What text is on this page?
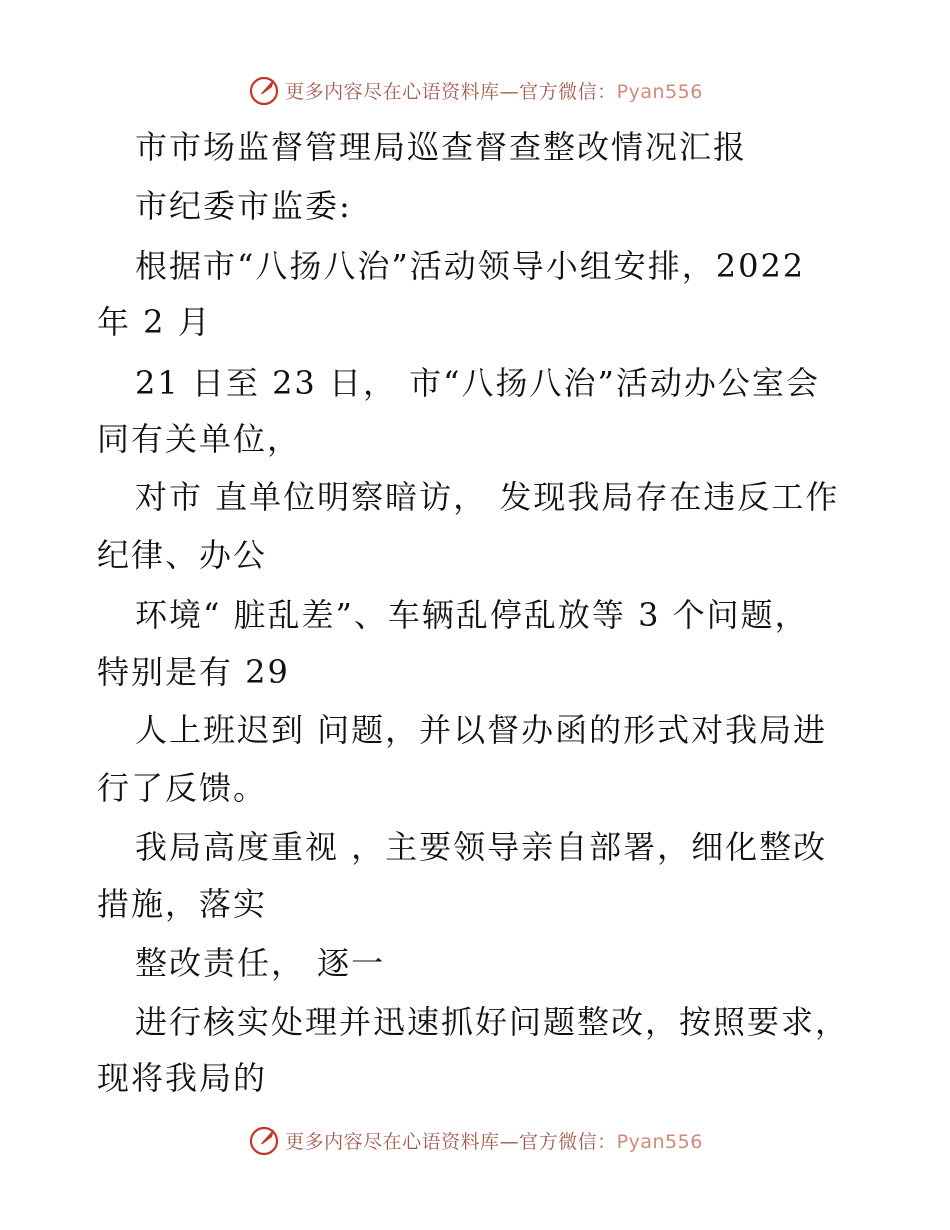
更多内容尽在心语资料库—官方微信：Pyan556
市市场监督管理局巡查督查整改情况汇报
市纪委市监委:
根据市“八扬八治”活动领导小组安排，2022
年 2 月
21 日至 23 日， 市“八扬八治”活动办公室会
同有关单位，
对市 直单位明察暗访， 发现我局存在违反工作
纪律、办公
环境“ 脏乱差”、车辆乱停乱放等 3 个问题，
特别是有 29
人上班迟到 问题，并以督办函的形式对我局进
行了反馈。
我局高度重视 ，主要领导亲自部署，细化整改
措施，落实
整改责任， 逐一
进行核实处理并迅速抓好问题整改，按照要求，
现将我局的
更多内容尽在心语资料库—官方微信：Pyan556
